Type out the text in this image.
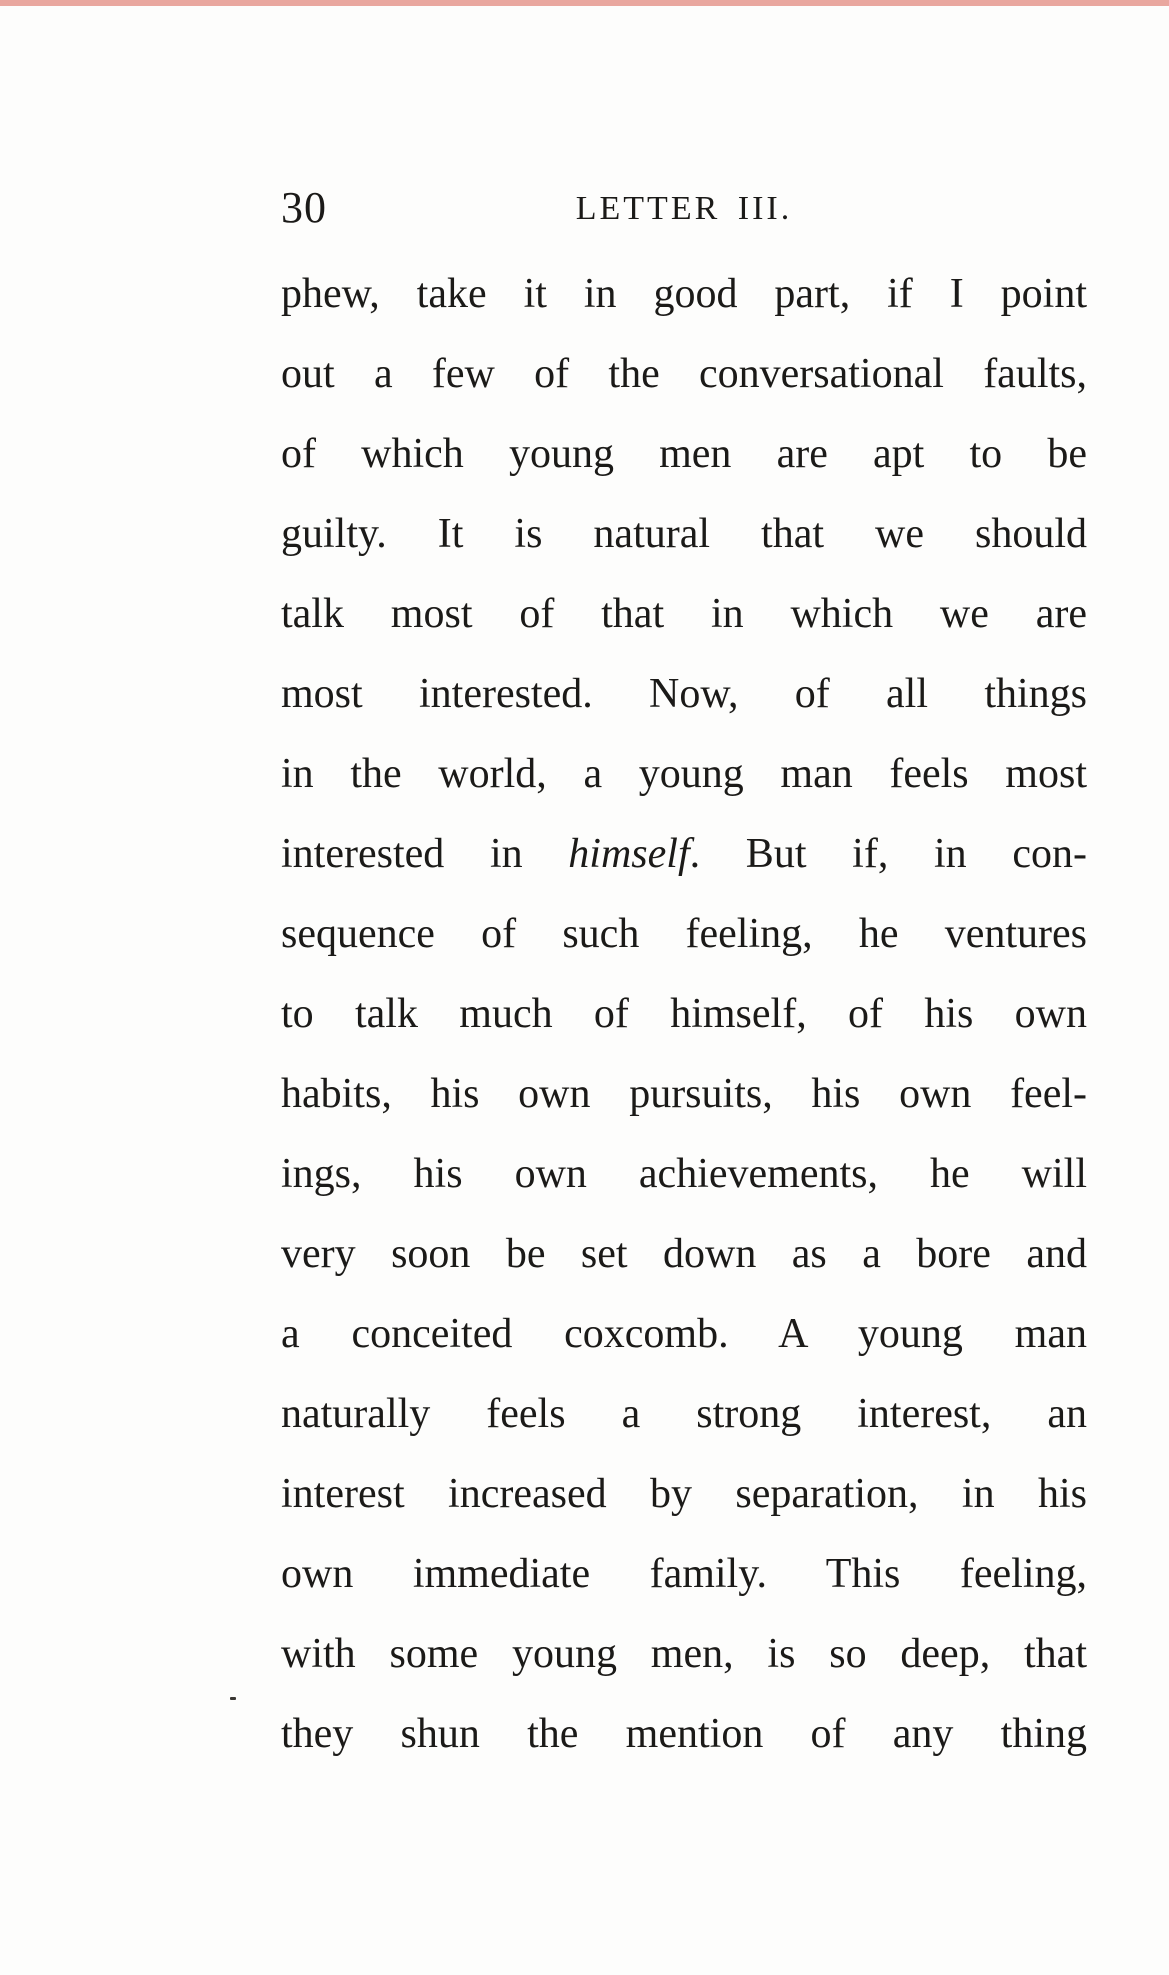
30	LETTER III.
phew, take it in good part, if I point
out a few of the conversational faults,
of which young men are apt to be
guilty. It is natural that we should
talk most of that in which we are
most interested. Now, of all things
in the world, a young man feels most
interested in himself. But if, in con-
sequence of such feeling, he ventures
to talk much of himself, of his own
habits, his own pursuits, his own feel-
ings, his own achievements, he will
very soon be set down as a bore and
a conceited coxcomb. A young man
naturally feels a strong interest, an
interest increased by separation, in his
own immediate family. This feeling,
with some young men, is so deep, that
they shun the mention of any thing
